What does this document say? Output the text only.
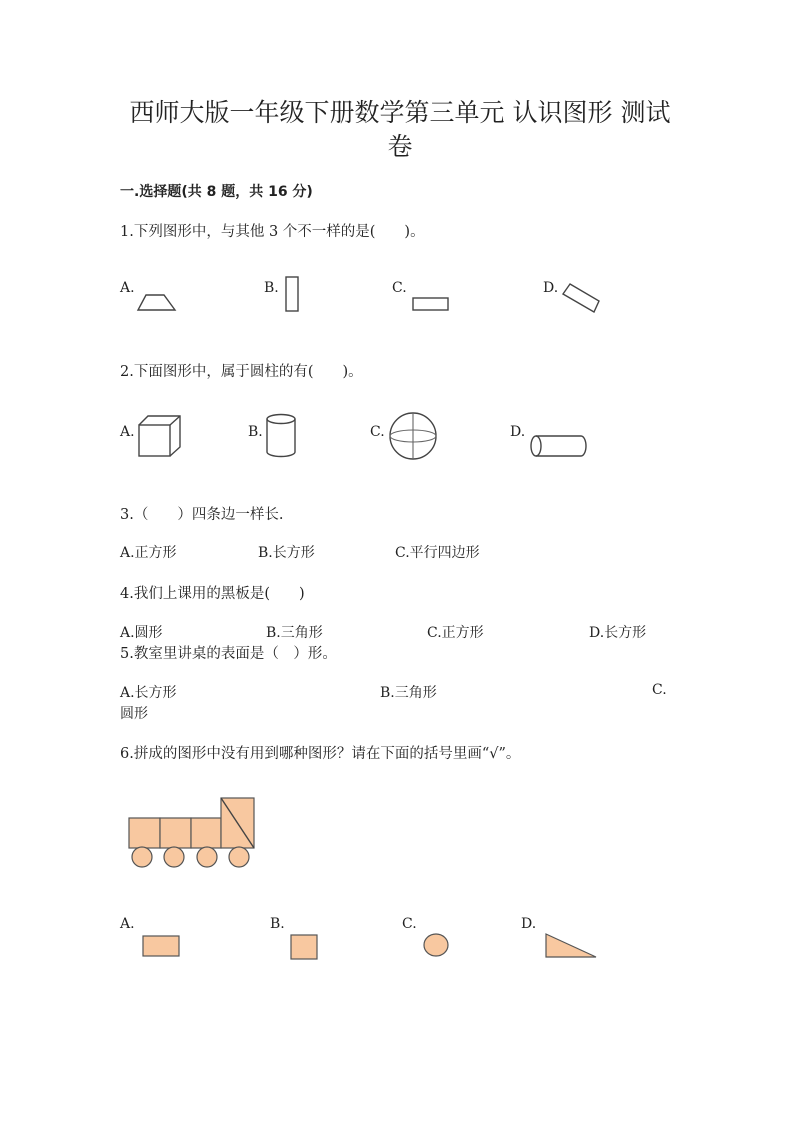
西师大版一年级下册数学第三单元 认识图形 测试
卷
一.选择题(共 8 题，共 16 分)
1.下列图形中，与其他 3 个不一样的是(　　)。
A.	B.	C.	D.
2.下面图形中，属于圆柱的有(　　)。
A.	B.	C.	D.
3.（　　）四条边一样长.
A.正方形	B.长方形	C.平行四边形
4.我们上课用的黑板是(　　)
A.圆形	B.三角形	C.正方形	D.长方形
5.教室里讲桌的表面是（　）形。
A.长方形	B.三角形	C.
圆形
6.拼成的图形中没有用到哪种图形？请在下面的括号里画“√”。
A.	B.	C.	D.
